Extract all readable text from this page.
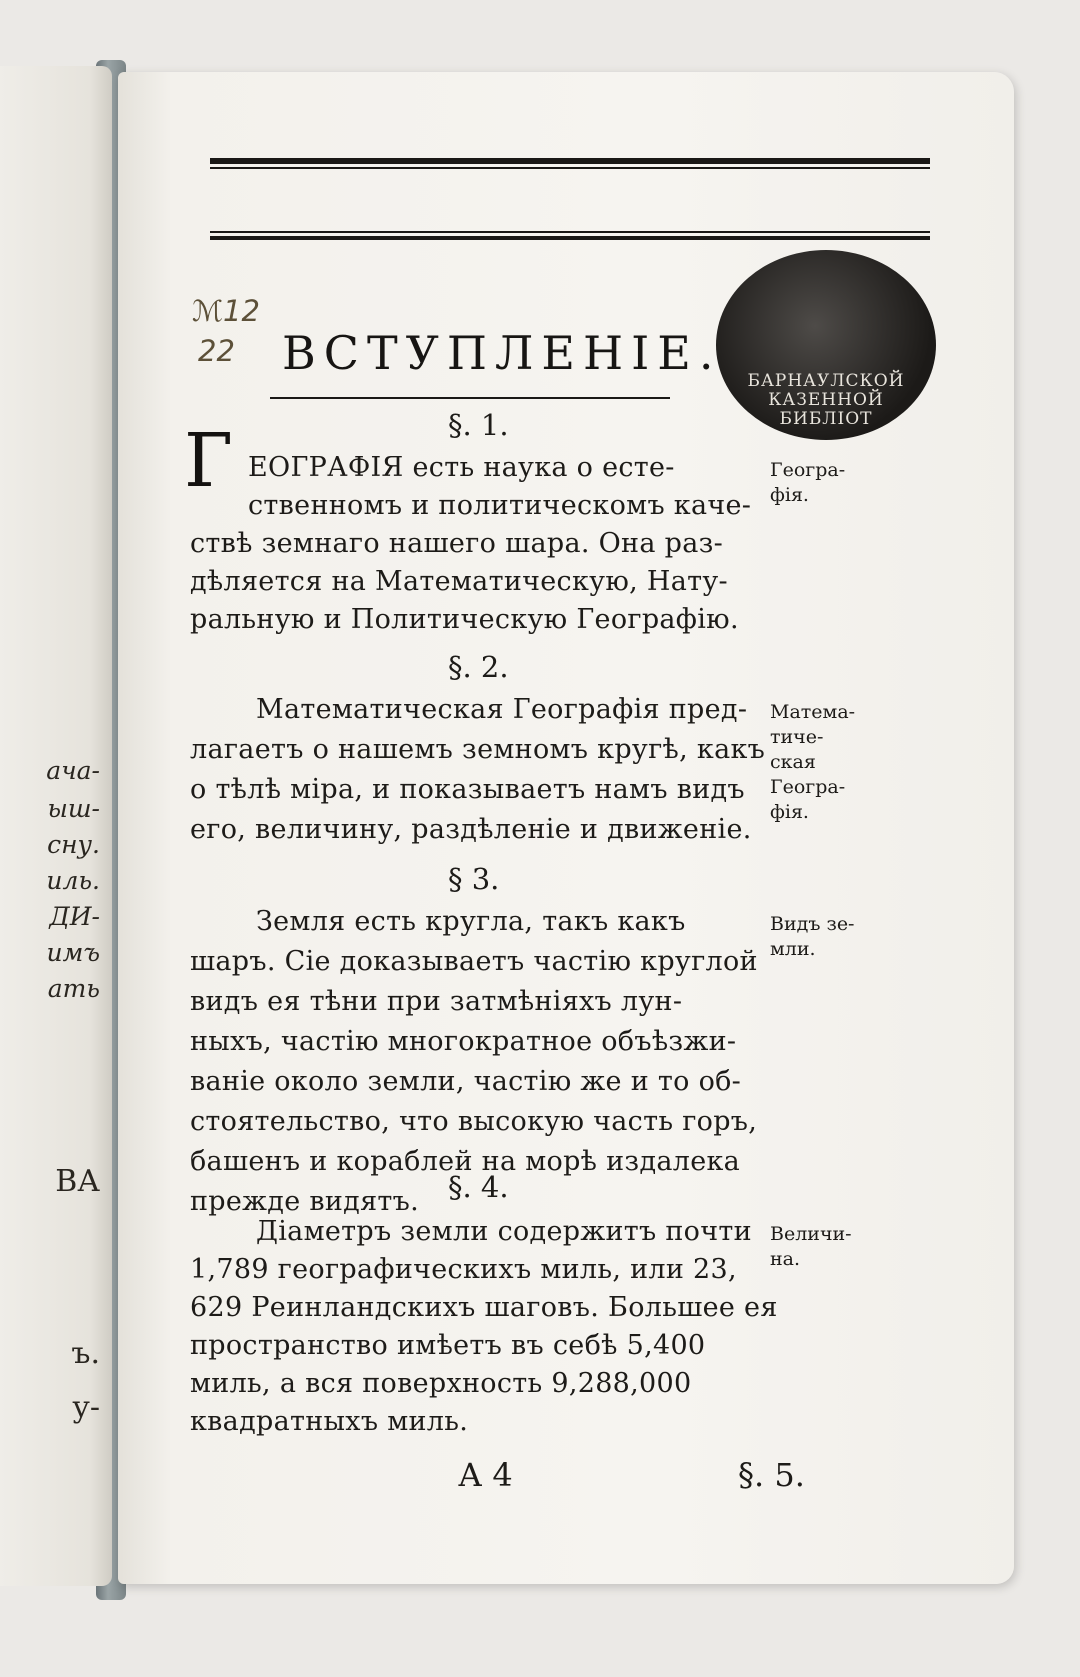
ача-
ыш-
сну.
иль.
ДИ-
имъ
ать
ВА
ъ.
у-
БАРНАУЛСКОЙ
КАЗЕННОЙ
БИБЛIОТ
ℳ12
22 ВСТУПЛЕНIЕ.
§. 1.
Г ЕОГРАФIЯ есть наука о есте-
ственномъ и политическомъ каче-
ствѣ земнаго нашего шара. Она раз-
дѣляется на Математическую, Нату-
ральную и Политическую Географiю.
Геогра-
фiя.
§. 2.
Математическая Географiя пред-
лагаетъ о нашемъ земномъ кругѣ, какъ
о тѣлѣ мiра, и показываетъ намъ видъ
его, величину, раздѣленiе и движенiе.
Матема-
тиче-
ская
Геогра-
фiя.
§ 3.
Земля есть кругла, такъ какъ
шаръ. Сiе доказываетъ частiю круглой
видъ ея тѣни при затмѣнiяхъ лун-
ныхъ, частiю многократное объѣзжи-
ванiе около земли, частiю же и то об-
стоятельство, что высокую часть горъ,
башенъ и кораблей на морѣ издалека
прежде видятъ.
Видъ зе-
мли.
§. 4.
Дiаметръ земли содержитъ почти
1,789 географическихъ миль, или 23,
629 Реинландскихъ шаговъ. Большее ея
Величи-
на.
пространство имѣетъ въ себѣ 5,400
миль, а вся поверхность 9,288,000
квадратныхъ миль.
А 4	§. 5.
